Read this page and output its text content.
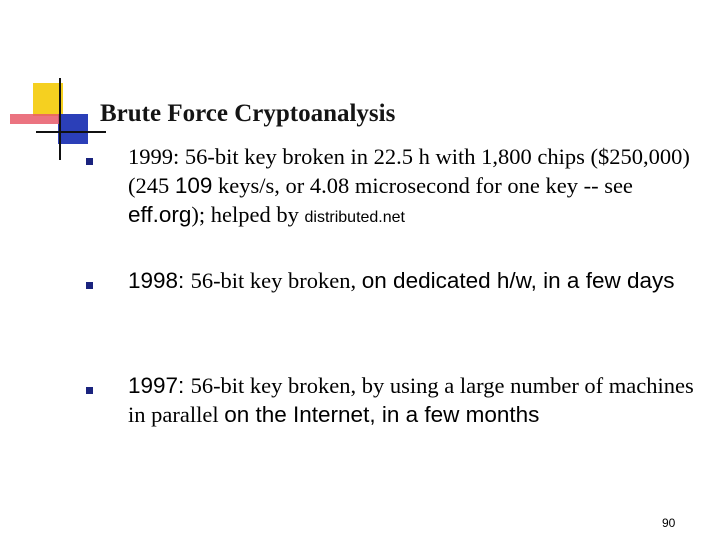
Brute Force Cryptoanalysis
1999: 56-bit key broken in 22.5 h with 1,800 chips ($250,000) (245 109 keys/s, or 4.08 microsecond for one key -- see eff.org); helped by distributed.net
1998: 56-bit key broken, on dedicated h/w, in a few days
1997: 56-bit key broken, by using a large number of machines in parallel on the Internet, in a few months
90
